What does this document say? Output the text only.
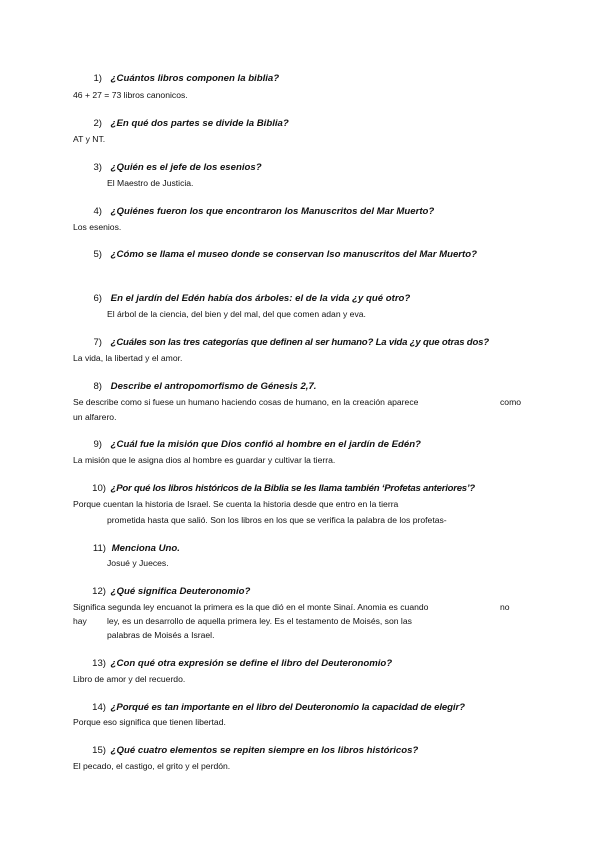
1) ¿Cuántos libros componen la biblia?
46 + 27 = 73 libros canonicos.
2) ¿En qué dos partes se divide la Biblia?
AT y NT.
3) ¿Quién es el jefe de los esenios?
El Maestro de Justicia.
4) ¿Quiénes fueron los que encontraron los Manuscritos del Mar Muerto?
Los esenios.
5) ¿Cómo se llama el museo donde se conservan lso manuscritos del Mar Muerto?
6) En el jardín del Edén había dos árboles: el de la vida ¿y qué otro?
El árbol de la ciencia, del bien y del mal, del que comen adan y eva.
7) ¿Cuáles son las tres categorías que definen al ser humano? La vida ¿y que otras dos?
La vida, la libertad y el amor.
8) Describe el antropomorfismo de Génesis 2,7.
Se describe como si fuese un humano haciendo cosas de humano, en la creación aparece	como
un alfarero.
9) ¿Cuál fue la misión que Dios confió al hombre en el jardín de Edén?
La misión que le asigna dios al hombre es guardar y cultivar la tierra.
10) ¿Por qué los libros históricos de la Biblia se les llama también ‘Profetas anteriores’?
Porque cuentan la historia de Israel. Se cuenta la historia desde que entro en la tierra
prometida hasta que salió. Son los libros en los que se verifica la palabra de los profetas-
11) Menciona Uno.
Josué y Jueces.
12) ¿Qué significa Deuteronomio?
Significa segunda ley encuanot la primera es la que dió en el monte Sinaí. Anomia es cuando	no
hay ley, es un desarrollo de aquella primera ley. Es el testamento de Moisés, son las
palabras de Moisés a Israel.
13) ¿Con qué otra expresión se define el libro del Deuteronomio?
Libro de amor y del recuerdo.
14) ¿Porqué es tan importante en el libro del Deuteronomio la capacidad de elegir?
Porque eso significa que tienen libertad.
15) ¿Qué cuatro elementos se repiten siempre en los libros históricos?
El pecado, el castigo, el grito y el perdón.
